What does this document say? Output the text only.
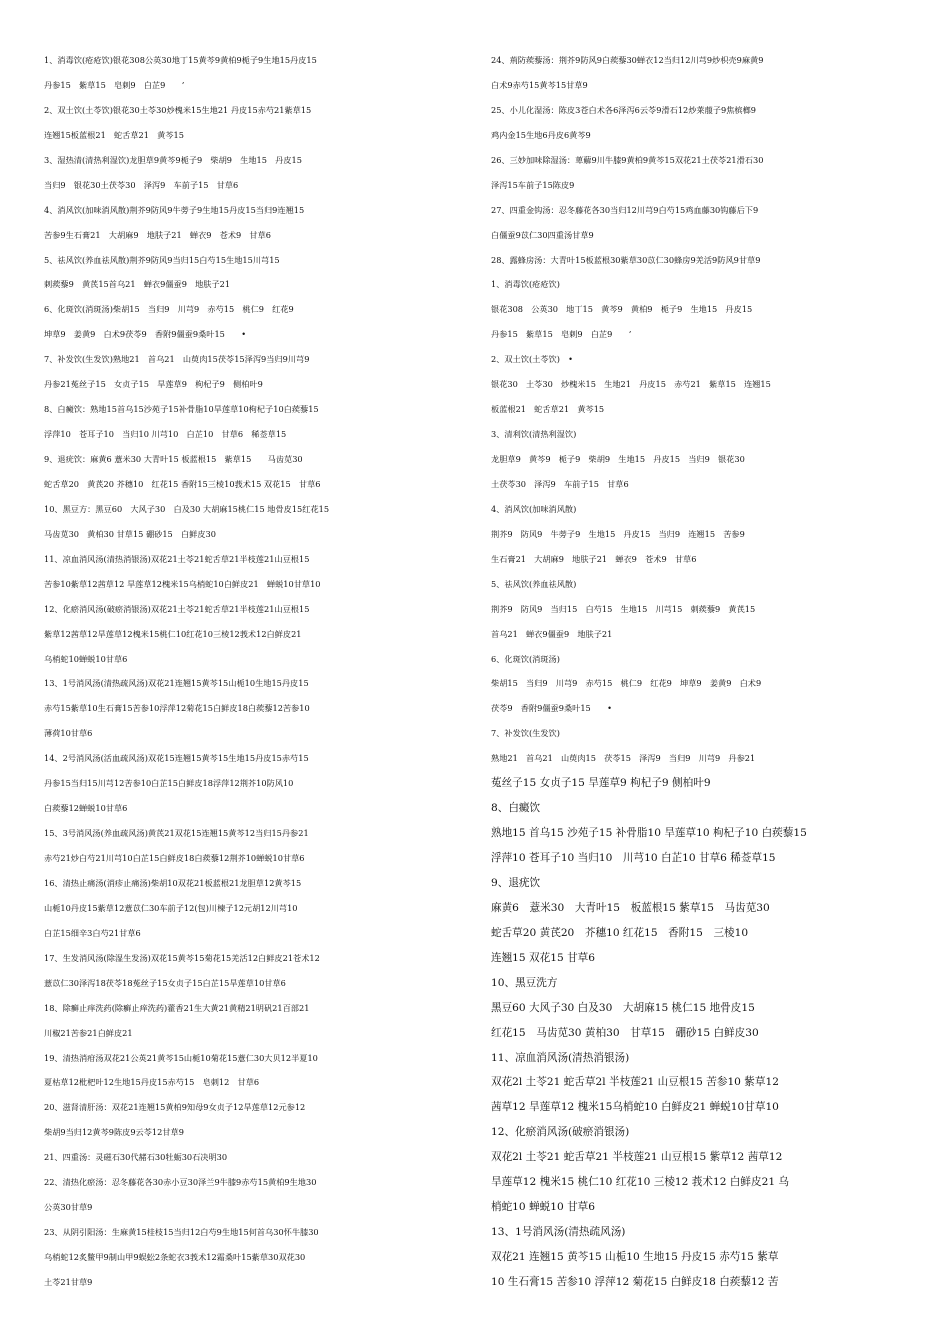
1、消毒饮(疮疮饮)银花308公英30地丁15黄芩9黄柏9栀子9生地15丹皮15
丹参15　紫草15　皂刺9　白芷9　　’
2、双土饮(土苓饮)银花30土苓30炒槐米15生地21 丹皮15赤芍21紫草15
连翘15板蓝根21　蛇舌草21　黄芩15
3、湿热清(清热利湿饮)龙胆草9黄芩9栀子9　柴胡9　生地15　丹皮15
当归9　银花30土茯苓30　泽泻9　车前子15　甘草6
4、消风饮(加味消风散)荆芥9防风9牛蒡子9生地15丹皮15当归9连翘15
苦参9生石膏21　大胡麻9　地肤子21　蝉衣9　苍术9　甘草6
5、祛风饮(养血祛风散)荆芥9防风9当归15白芍15生地15川芎15
刺蒺藜9　黄芪15首乌21　蝉衣9僵蚕9　地肤子21
6、化斑饮(消斑汤)柴胡15　当归9　川芎9　赤芍15　桃仁9　红花9
坤草9　姜黄9　白术9茯苓9　香附9僵蚕9桑叶15　　•
7、补发饮(生发饮)熟地21　首乌21　山萸肉15茯苓15泽泻9当归9川芎9
丹参21菟丝子15　女贞子15　旱莲草9　枸杞子9　侧柏叶9
8、白癜饮：熟地15首乌15沙苑子15补骨脂10旱莲草10枸杞子10白蒺藜15
浮萍10　苍耳子10　当归10 川芎10　白芷10　甘草6　稀莶草15
9、退疣饮：麻黄6 薏米30 大青叶15 板蓝根15　紫草15　　马齿苋30
蛇舌草20　黄芪20 芥穗10　红花15 香附15三棱10莪术15 双花15　甘草6
10、黑豆方：黑豆60　大风子30　白及30 大胡麻15桃仁15 地骨皮15红花15
马齿苋30　黄柏30 甘草15 硼砂15　白鲜皮30
11、凉血消风汤(清热消银汤)双花21土苓21蛇舌草21半枝莲21山豆根15
苦参10紫草12茜草12 旱莲草12槐米15乌梢蛇10白鲜皮21　蝉蜕10甘草10
12、化瘀消风汤(破瘀消银汤)双花21土苓21蛇舌草21半枝莲21山豆根15
紫草12茜草12旱莲草12槐米15桃仁10红花10三棱12莪术12白鲜皮21
乌梢蛇10蝉蜕10甘草6
13、1号消风汤(清热疏风汤)双花21连翘15黄芩15山栀10生地15丹皮15
赤芍15紫草10生石膏15苦参10浮萍12菊花15白鲜皮18白蒺藜12苦参10
薄荷10甘草6
14、2号消风汤(活血疏风汤)双花15连翘15黄芩15生地15丹皮15赤芍15
丹参15当归15川芎12苦参10白芷15白鲜皮18浮萍12荆芥10防风10
白蒺藜12蝉蜕10甘草6
15、3号消风汤(养血疏风汤)黄芪21双花15连翘15黄芩12当归15丹参21
赤芍21炒白芍21川芎10白芷15白鲜皮18白蒺藜12荆芥10蝉蜕10甘草6
16、清热止痛汤(消疹止痛汤)柴胡10双花21板蓝根21龙胆草12黄芩15
山栀10丹皮15紫草12薏苡仁30车前子12(包)川楝子12元胡12川芎10
白芷15细辛3白芍21甘草6
17、生发消风汤(除湿生发汤)双花15黄芩15菊花15羌活12白鲜皮21苍术12
薏苡仁30泽泻18茯苓18菟丝子15女贞子15白芷15旱莲草10甘草6
18、除癣止痒洗药(除癣止痒洗药)藿香21生大黄21黄精21明矾21百部21
川椒21苦参21白鲜皮21
19、清热消疳汤双花21公英21黄芩15山栀10菊花15薏仁30大贝12半夏10
夏枯草12枇杷叶12生地15丹皮15赤芍15　皂刺12　甘草6
20、滋肾清肝汤：双花21连翘15黄柏9知母9女贞子12旱莲草12元参12
柴胡9当归12黄芩9陈皮9云苓12甘草9
21、四重汤：灵磁石30代赭石30牡蛎30石决明30
22、清热化瘀汤：忍冬藤花各30赤小豆30泽兰9牛膝9赤芍15黄柏9生地30
公英30甘草9
23、从阴引阳汤：生麻黄15桂枝15当归12白芍9生地15何首乌30怀牛膝30
乌梢蛇12炙鳖甲9制山甲9蜈蚣2条蛇衣3莪术12霜桑叶15紫草30双花30
土苓21甘草9
24、荊防蒺藜汤：荆芥9防风9白蒺藜30蝉衣12当归12川芎9炒枳壳9麻黄9
白术9赤芍15黄芩15甘草9
25、小儿化湿汤：陈皮3苍白术各6泽泻6云苓9滑石12炒莱菔子9焦槟榔9
鸡内金15生地6丹皮6黄芩9
26、三妙加味除湿汤：萆薢9川牛膝9黄柏9黄芩15双花21土茯苓21滑石30
泽泻15车前子15陈皮9
27、四重金钩汤：忍冬藤花各30当归12川芎9白芍15鸡血藤30钩藤后下9
白僵蚕9苡仁30四重汤甘草9
28、露蜂房汤：大青叶15板蓝根30紫草30苡仁30蜂房9羌活9防风9甘草9
1、消毒饮(疮疮饮)
银花308　公英30　地丁15　黄芩9　黄柏9　栀子9　生地15　丹皮15
丹参15　紫草15　皂刺9　白芷9　　’
2、双土饮(土苓饮)　•
银花30　土苓30　炒槐米15　生地21　丹皮15　赤芍21　紫草15　连翘15
板蓝根21　蛇舌草21　黄芩15
3、清利饮(清热利湿饮)
龙胆草9　黄芩9　栀子9　柴胡9　生地15　丹皮15　当归9　银花30
土茯苓30　泽泻9　车前子15　甘草6
4、消风饮(加味消风散)
荆芥9　防风9　牛蒡子9　生地15　丹皮15　当归9　连翘15　苦参9
生石膏21　大胡麻9　地肤子21　蝉衣9　苍术9　甘草6
5、祛风饮(养血祛风散)
荆芥9　防风9　当归15　白芍15　生地15　川芎15　刺蒺藜9　黄芪15
首乌21　蝉衣9僵蚕9　地肤子21
6、化斑饮(消斑汤)
柴胡15　当归9　川芎9　赤芍15　桃仁9　红花9　坤草9　姜黄9　白术9
茯苓9　香附9僵蚕9桑叶15　　•
7、补发饮(生发饮)
熟地21　首乌21　山萸肉15　茯苓15　泽泻9　当归9　川芎9　丹参21
菟丝子15 女贞子15 旱莲草9 枸杞子9 侧柏叶9
8、白癜饮
熟地15 首乌15 沙苑子15 补骨脂10 旱莲草10 枸杞子10 白蒺藜15
浮萍10 苍耳子10 当归10　川芎10 白芷10 甘草6 稀莶草15
9、退疣饮
麻黄6　薏米30　大青叶15　板蓝根15 紫草15　马齿苋30
蛇舌草20 黄芪20　芥穗10 红花15　香附15　三棱10
连翘15 双花15 甘草6
10、黑豆洗方
黑豆60 大风子30 白及30　大胡麻15 桃仁15 地骨皮15
红花15　马齿苋30 黄柏30　甘草15　硼砂15 白鲜皮30
11、凉血消风汤(清热消银汤)
双花2l 土苓21 蛇舌草2l 半枝莲21 山豆根15 苦参10 紫草12
茜草12 旱莲草12 槐米15乌梢蛇10 白鲜皮21 蝉蜕10甘草10
12、化瘀消风汤(破瘀消银汤)
双花2l 土苓21 蛇舌草21 半枝莲21 山豆根15 紫草12 茜草12
旱莲草12 槐米15 桃仁10 红花10 三棱12 莪术12 白鲜皮21 乌
梢蛇10 蝉蜕10 甘草6
13、1号消风汤(清热疏风汤)
双花21 连翘15 黄芩15 山栀10 生地15 丹皮15 赤芍15 紫草
10 生石膏15 苦参10 浮萍12 菊花15 白鲜皮18 白蒺藜12 苦
